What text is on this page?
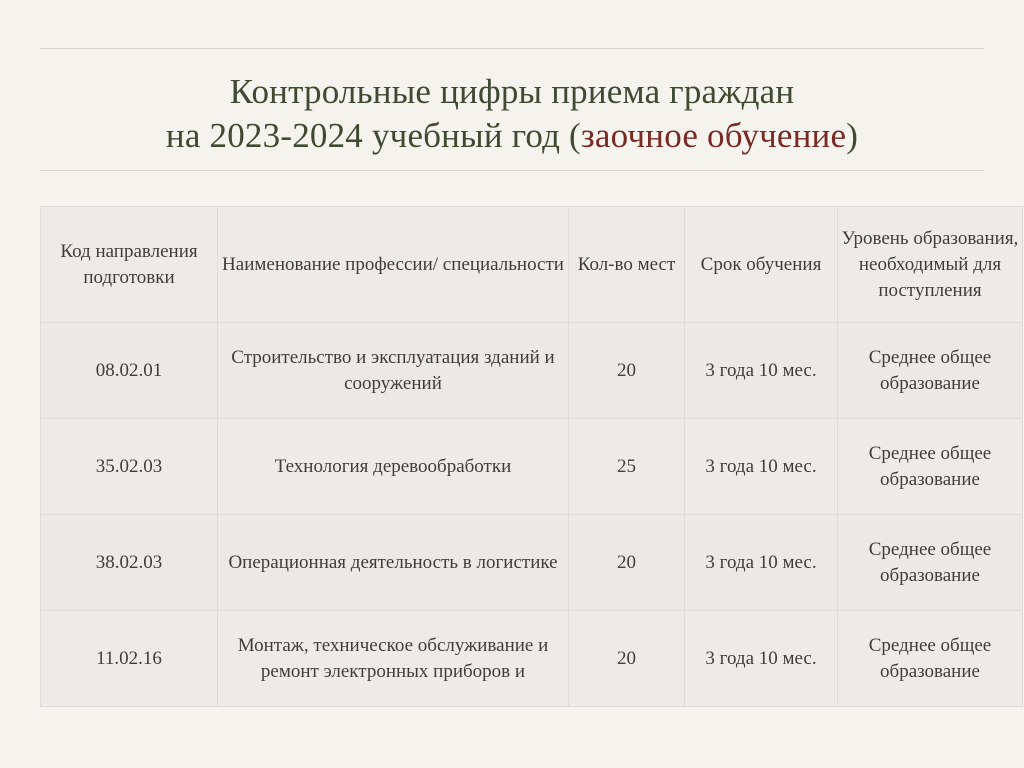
Контрольные цифры приема граждан
на 2023-2024 учебный год (заочное обучение)
Код направления подготовки	Наименование профессии/ специальности	Кол-во мест	Срок обучения	Уровень образования, необходимый для поступления
08.02.01	Строительство и эксплуатация зданий и сооружений	20	3 года 10 мес.	Среднее общее образование
35.02.03	Технология деревообработки	25	3 года 10 мес.	Среднее общее образование
38.02.03	Операционная деятельность в логистике	20	3 года 10 мес.	Среднее общее образование
11.02.16	Монтаж, техническое обслуживание и ремонт электронных приборов и	20	3 года 10 мес.	Среднее общее образование
